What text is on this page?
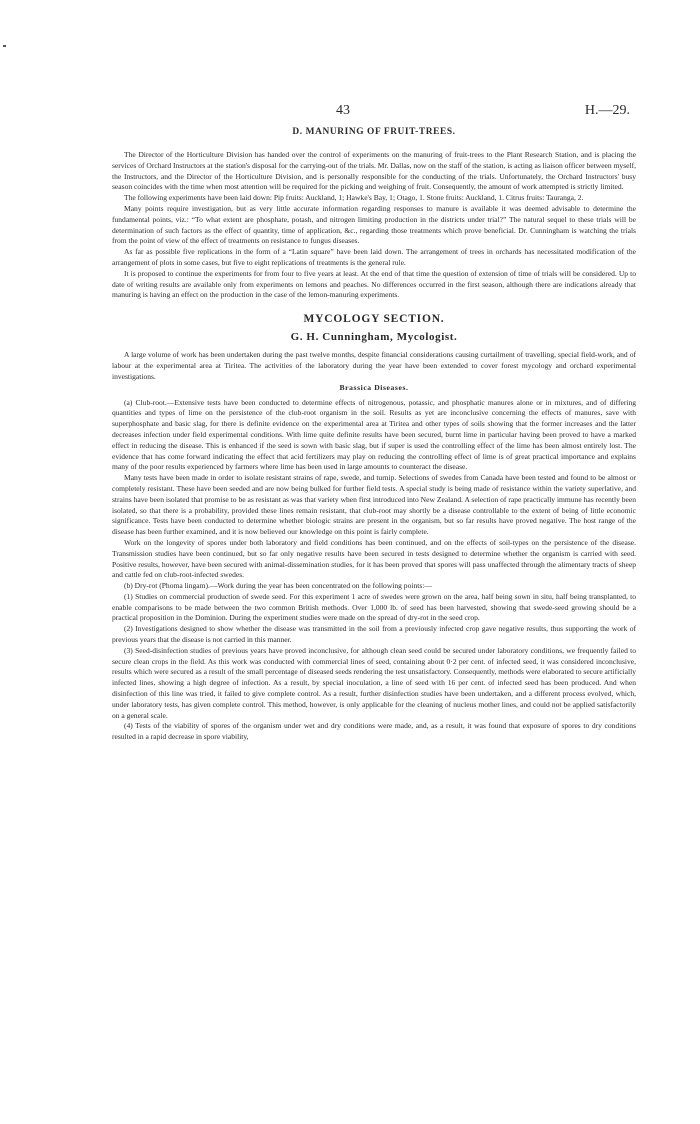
43	H.—29.
D. MANURING OF FRUIT-TREES.

The Director of the Horticulture Division has handed over the control of experiments on the manuring of fruit-trees to the Plant Research Station, and is placing the services of Orchard Instructors at the station's disposal for the carrying-out of the trials. Mr. Dallas, now on the staff of the station, is acting as liaison officer between myself, the Instructors, and the Director of the Horticulture Division, and is personally responsible for the conducting of the trials. Unfortunately, the Orchard Instructors' busy season coincides with the time when most attention will be required for the picking and weighing of fruit. Consequently, the amount of work attempted is strictly limited.

The following experiments have been laid down: Pip fruits: Auckland, 1; Hawke's Bay, 1; Otago, 1. Stone fruits: Auckland, 1. Citrus fruits: Tauranga, 2.

Many points require investigation, but as very little accurate information regarding responses to manure is available it was deemed advisable to determine the fundamental points, viz.: “To what extent are phosphate, potash, and nitrogen limiting production in the districts under trial?” The natural sequel to these trials will be determination of such factors as the effect of quantity, time of application, &c., regarding those treatments which prove beneficial. Dr. Cunningham is watching the trials from the point of view of the effect of treatments on resistance to fungus diseases.

As far as possible five replications in the form of a “Latin square” have been laid down. The arrangement of trees in orchards has necessitated modification of the arrangement of plots in some cases, but five to eight replications of treatments is the general rule.

It is proposed to continue the experiments for from four to five years at least. At the end of that time the question of extension of time of trials will be considered. Up to date of writing results are available only from experiments on lemons and peaches. No differences occurred in the first season, although there are indications already that manuring is having an effect on the production in the case of the lemon-manuring experiments.

MYCOLOGY SECTION.
G. H. Cunningham, Mycologist.

A large volume of work has been undertaken during the past twelve months, despite financial considerations causing curtailment of travelling, special field-work, and of labour at the experimental area at Tiritea. The activities of the laboratory during the year have been extended to cover forest mycology and orchard experimental investigations.

Brassica Diseases.

(a) Club-root.—Extensive tests have been conducted to determine effects of nitrogenous, potassic, and phosphatic manures alone or in mixtures, and of differing quantities and types of lime on the persistence of the club-root organism in the soil. Results as yet are inconclusive concerning the effects of manures, save with superphosphate and basic slag, for there is definite evidence on the experimental area at Tiritea and other types of soils showing that the former increases and the latter decreases infection under field experimental conditions. With lime quite definite results have been secured, burnt lime in particular having been proved to have a marked effect in reducing the disease. This is enhanced if the seed is sown with basic slag, but if super is used the controlling effect of the lime has been almost entirely lost. The evidence that has come forward indicating the effect that acid fertilizers may play on reducing the controlling effect of lime is of great practical importance and explains many of the poor results experienced by farmers where lime has been used in large amounts to counteract the disease.

Many tests have been made in order to isolate resistant strains of rape, swede, and turnip. Selections of swedes from Canada have been tested and found to be almost or completely resistant. These have been seeded and are now being bulked for further field tests. A special study is being made of resistance within the variety superlative, and strains have been isolated that promise to be as resistant as was that variety when first introduced into New Zealand. A selection of rape practically immune has recently been isolated, so that there is a probability, provided these lines remain resistant, that club-root may shortly be a disease controllable to the extent of being of little economic significance. Tests have been conducted to determine whether biologic strains are present in the organism, but so far results have proved negative. The host range of the disease has been further examined, and it is now believed our knowledge on this point is fairly complete.

Work on the longevity of spores under both laboratory and field conditions has been continued, and on the effects of soil-types on the persistence of the disease. Transmission studies have been continued, but so far only negative results have been secured in tests designed to determine whether the organism is carried with seed. Positive results, however, have been secured with animal-dissemination studies, for it has been proved that spores will pass unaffected through the alimentary tracts of sheep and cattle fed on club-root-infected swedes.

(b) Dry-rot (Phoma lingam).—Work during the year has been concentrated on the following points:—

(1) Studies on commercial production of swede seed. For this experiment 1 acre of swedes were grown on the area, half being sown in situ, half being transplanted, to enable comparisons to be made between the two common British methods. Over 1,000 lb. of seed has been harvested, showing that swede-seed growing should be a practical proposition in the Dominion. During the experiment studies were made on the spread of dry-rot in the seed crop.

(2) Investigations designed to show whether the disease was transmitted in the soil from a previously infected crop gave negative results, thus supporting the work of previous years that the disease is not carried in this manner.

(3) Seed-disinfection studies of previous years have proved inconclusive, for although clean seed could be secured under laboratory conditions, we frequently failed to secure clean crops in the field. As this work was conducted with commercial lines of seed, containing about 0·2 per cent. of infected seed, it was considered inconclusive, results which were secured as a result of the small percentage of diseased seeds rendering the test unsatisfactory. Consequently, methods were elaborated to secure artificially infected lines, showing a high degree of infection. As a result, by special inoculation, a line of seed with 16 per cent. of infected seed has been produced. And when disinfection of this line was tried, it failed to give complete control. As a result, further disinfection studies have been undertaken, and a different process evolved, which, under laboratory tests, has given complete control. This method, however, is only applicable for the cleaning of nucleus mother lines, and could not be applied satisfactorily on a general scale.

(4) Tests of the viability of spores of the organism under wet and dry conditions were made, and, as a result, it was found that exposure of spores to dry conditions resulted in a rapid decrease in spore viability,
